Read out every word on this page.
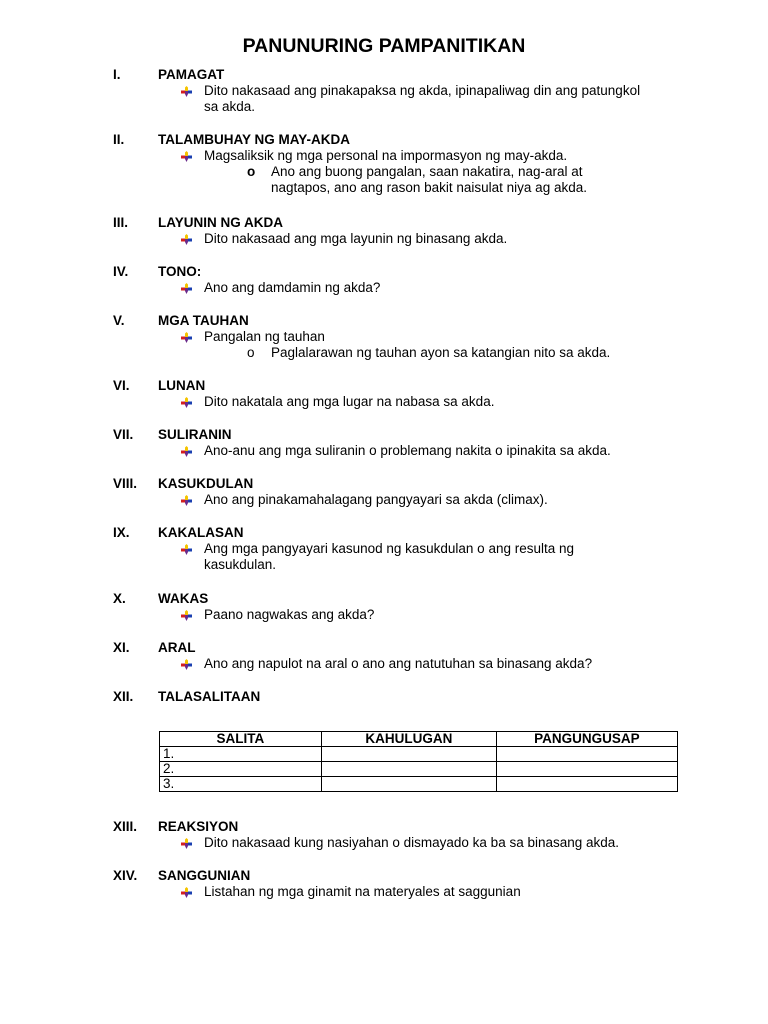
PANUNURING PAMPANITIKAN
I.	PAMAGAT
Dito nakasaad ang pinakapaksa ng akda, ipinapaliwag din ang patungkol sa akda.
II. TALAMBUHAY NG MAY-AKDA
Magsaliksik ng mga personal na impormasyon ng may-akda.
o Ano ang buong pangalan, saan nakatira, nag-aral at nagtapos, ano ang rason bakit naisulat niya ag akda.
III. LAYUNIN NG AKDA
Dito nakasaad ang mga layunin ng binasang akda.
IV. TONO:
Ano ang damdamin ng akda?
V. MGA TAUHAN
Pangalan ng tauhan
o Paglalarawan ng tauhan ayon sa katangian nito sa akda.
VI. LUNAN
Dito nakatala ang mga lugar na nabasa sa akda.
VII. SULIRANIN
Ano-anu ang mga suliranin o problemang nakita o ipinakita sa akda.
VIII. KASUKDULAN
Ano ang pinakamahalagang pangyayari sa akda (climax).
IX. KAKALASAN
Ang mga pangyayari kasunod ng kasukdulan o ang resulta ng kasukdulan.
X. WAKAS
Paano nagwakas ang akda?
XI. ARAL
Ano ang napulot na aral o ano ang natutuhan sa binasang akda?
XII. TALASALITAAN
XIII. REAKSIYON
Dito nakasaad kung nasiyahan o dismayado ka ba sa binasang akda.
XIV. SANGGUNIAN
Listahan ng mga ginamit na materyales at saggunian
SALITA	KAHULUGAN	PANGUNGUSAP
1.		
2.		
3.		
